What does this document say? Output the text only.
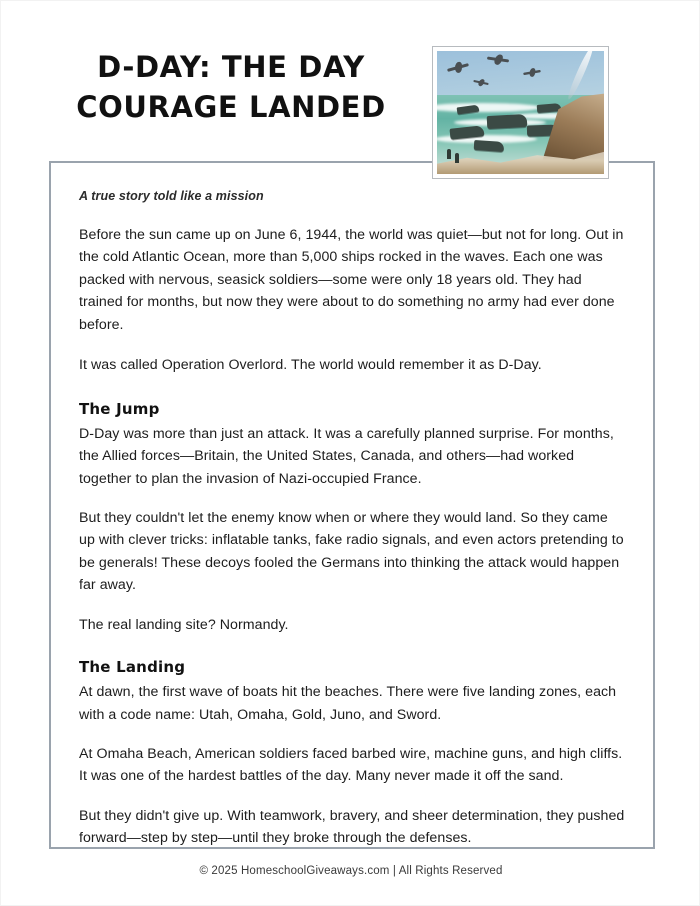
D-DAY: THE DAY
COURAGE LANDED
A true story told like a mission

Before the sun came up on June 6, 1944, the world was quiet—but not for long. Out in the cold Atlantic Ocean, more than 5,000 ships rocked in the waves. Each one was packed with nervous, seasick soldiers—some were only 18 years old. They had trained for months, but now they were about to do something no army had ever done before.

It was called Operation Overlord. The world would remember it as D-Day.

The Jump

D-Day was more than just an attack. It was a carefully planned surprise. For months, the Allied forces—Britain, the United States, Canada, and others—had worked together to plan the invasion of Nazi-occupied France.

But they couldn't let the enemy know when or where they would land. So they came up with clever tricks: inflatable tanks, fake radio signals, and even actors pretending to be generals! These decoys fooled the Germans into thinking the attack would happen far away.

The real landing site? Normandy.

The Landing

At dawn, the first wave of boats hit the beaches. There were five landing zones, each with a code name: Utah, Omaha, Gold, Juno, and Sword.

At Omaha Beach, American soldiers faced barbed wire, machine guns, and high cliffs. It was one of the hardest battles of the day. Many never made it off the sand.

But they didn't give up. With teamwork, bravery, and sheer determination, they pushed forward—step by step—until they broke through the defenses.

© 2025 HomeschoolGiveaways.com | All Rights Reserved
